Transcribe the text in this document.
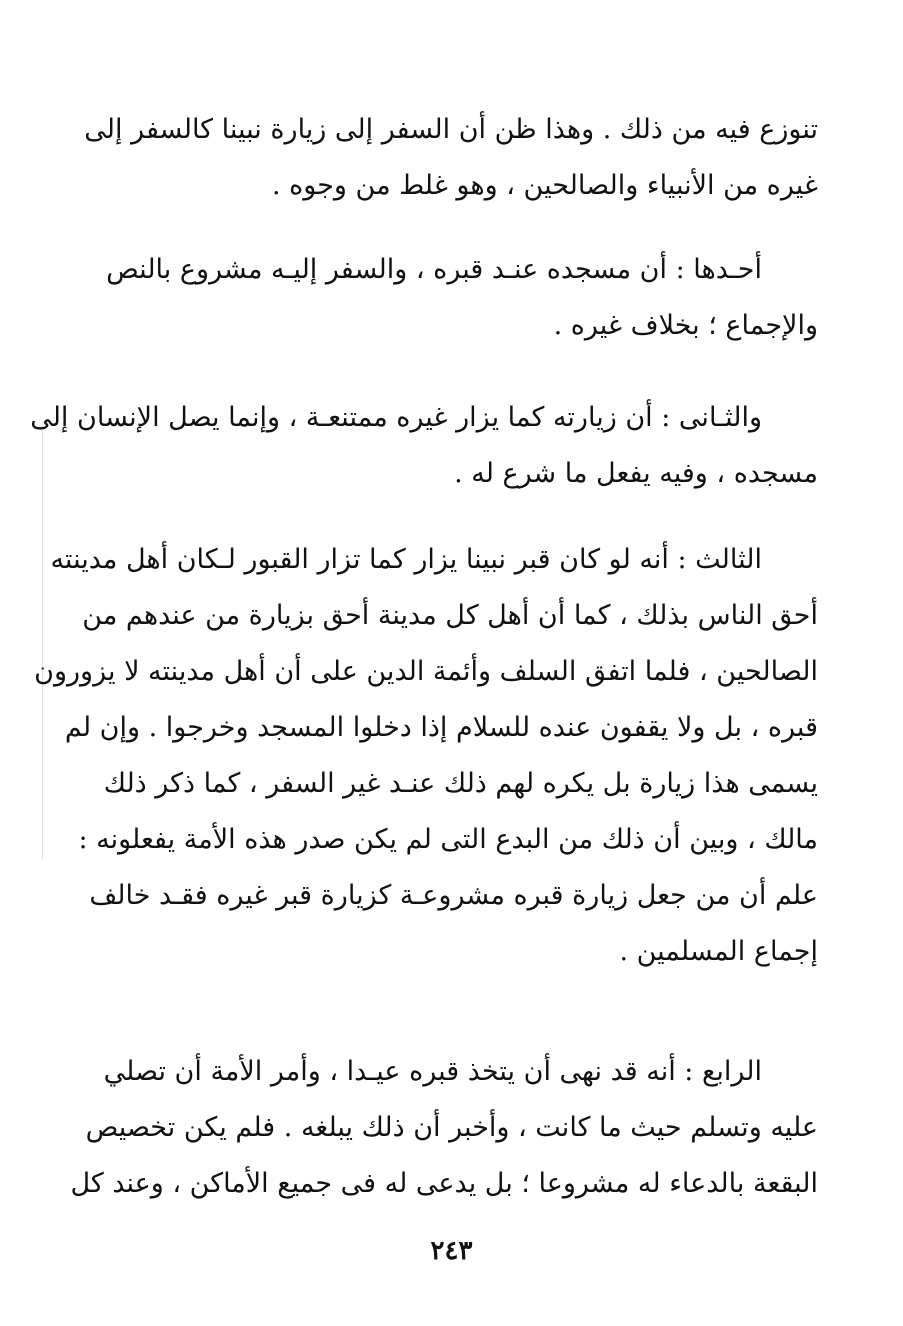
تنوزع فيه من ذلك . وهذا ظن أن السفر إلى زيارة نبينا كالسفر إلى
غيره من الأنبياء والصالحين ، وهو غلط من وجوه .
أحـدها : أن مسجده عنـد قبره ، والسفر إليـه مشروع بالنص
والإجماع ؛ بخلاف غيره .
والثـانى : أن زيارته كما يزار غيره ممتنعـة ، وإنما يصل الإنسان إلى
مسجده ، وفيه يفعل ما شرع له .
الثالث : أنه لو كان قبر نبينا يزار كما تزار القبور لـكان أهل مدينته
أحق الناس بذلك ، كما أن أهل كل مدينة أحق بزيارة من عندهم من
الصالحين ، فلما اتفق السلف وأئمة الدين على أن أهل مدينته لا يزورون
قبره ، بل ولا يقفون عنده للسلام إذا دخلوا المسجد وخرجوا . وإن لم
يسمى هذا زيارة بل يكره لهم ذلك عنـد غير السفر ، كما ذكر ذلك
مالك ، وبين أن ذلك من البدع التى لم يكن صدر هذه الأمة يفعلونه :
علم أن من جعل زيارة قبره مشروعـة كزيارة قبر غيره فقـد خالف
إجماع المسلمين .
الرابع : أنه قد نهى أن يتخذ قبره عيـدا ، وأمر الأمة أن تصلي
عليه وتسلم حيث ما كانت ، وأخبر أن ذلك يبلغه . فلم يكن تخصيص
البقعة بالدعاء له مشروعا ؛ بل يدعى له فى جميع الأماكن ، وعند كل
٢٤٣
